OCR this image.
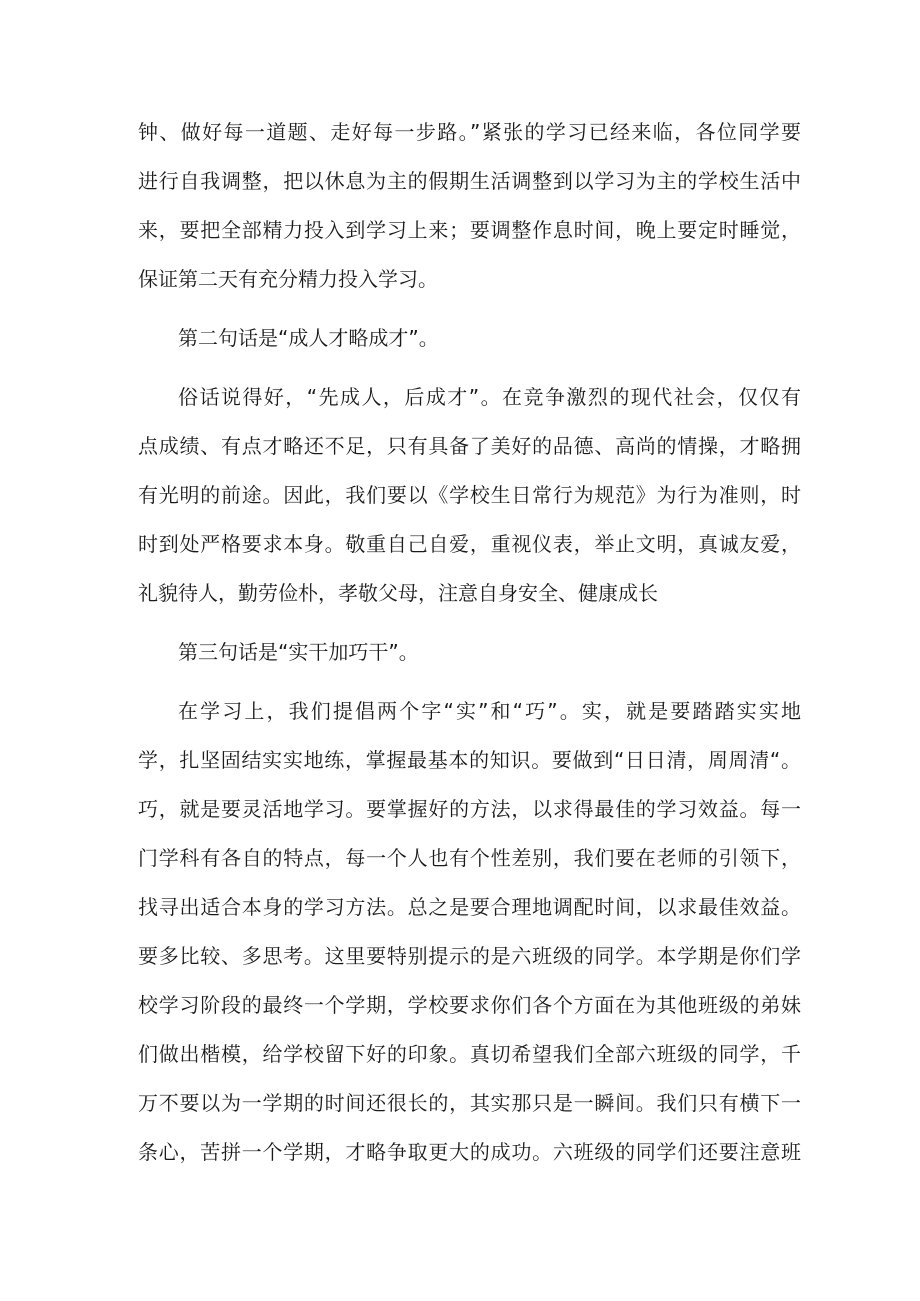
钟、做好每一道题、走好每一步路。”紧张的学习已经来临，各位同学要
进行自我调整，把以休息为主的假期生活调整到以学习为主的学校生活中
来，要把全部精力投入到学习上来；要调整作息时间，晚上要定时睡觉，
保证第二天有充分精力投入学习。
第二句话是“成人才略成才”。
俗话说得好，“先成人，后成才”。在竞争激烈的现代社会，仅仅有
点成绩、有点才略还不足，只有具备了美好的品德、高尚的情操，才略拥
有光明的前途。因此，我们要以《学校生日常行为规范》为行为准则，时
时到处严格要求本身。敬重自己自爱，重视仪表，举止文明，真诚友爱，
礼貌待人，勤劳俭朴，孝敬父母，注意自身安全、健康成长
第三句话是“实干加巧干”。
在学习上，我们提倡两个字“实”和“巧”。实，就是要踏踏实实地
学，扎坚固结实实地练，掌握最基本的知识。要做到“日日清，周周清“。
巧，就是要灵活地学习。要掌握好的方法，以求得最佳的学习效益。每一
门学科有各自的特点，每一个人也有个性差别，我们要在老师的引领下，
找寻出适合本身的学习方法。总之是要合理地调配时间，以求最佳效益。
要多比较、多思考。这里要特别提示的是六班级的同学。本学期是你们学
校学习阶段的最终一个学期，学校要求你们各个方面在为其他班级的弟妹
们做出楷模，给学校留下好的印象。真切希望我们全部六班级的同学，千
万不要以为一学期的时间还很长的，其实那只是一瞬间。我们只有横下一
条心，苦拼一个学期，才略争取更大的成功。六班级的同学们还要注意班
